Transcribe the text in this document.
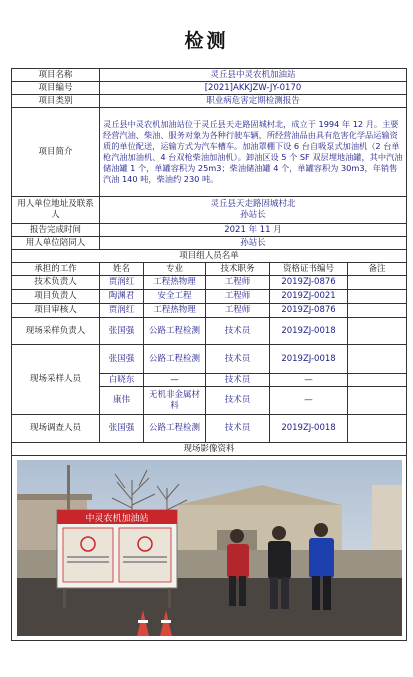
检测
项目名称	灵丘县中灵农机加油站				
项目编号	[2021]AKKJZW-JY-0170				
项目类别	职业病危害定期检测报告				
项目简介	灵丘县中灵农机加油站位于灵丘县天走路固城村北，成立于 1994 年 12 月。主要经营汽油、柴油、服务对象为各种行驶车辆，所经营油品由具有危害化学品运输资质的单位配送，运输方式为汽车槽车。加油罩棚下设 6 台自吸泵式加油机（2 台单枪汽油加油机、4 台双枪柴油加油机）。卸油区设 5 个 SF 双层埋地油罐，其中汽油储油罐 1 个，单罐容积为 25m3；柴油储油罐 4 个，单罐容积为 30m3，年销售汽油 140 吨，柴油约 230 吨。				
用人单位地址及联系人	灵丘县天走路固城村北
孙站长				

报告完成时间	2021 年 11 月				
用人单位陪同人	孙站长				
项目组人员名单					
承担的工作	姓名	专业	技术职务	资格证书编号	备注
技术负责人	贾润红	工程热物理	工程师	2019ZJ-0876	
项目负责人	陶渊君	安全工程	工程师	2019ZJ-0021	
项目审核人	贾润红	工程热物理	工程师	2019ZJ-0876	
现场采样负责人	张国强	公路工程检测	技术员	2019ZJ-0018	
现场采样人员	张国强	公路工程检测	技术员	2019ZJ-0018	
	白晓东	—	技术员	—	
	康伟	无机非金属材料	技术员	—	
现场调查人员	张国强	公路工程检测	技术员	2019ZJ-0018	
现场影像资料					

中灵农机加油站					
